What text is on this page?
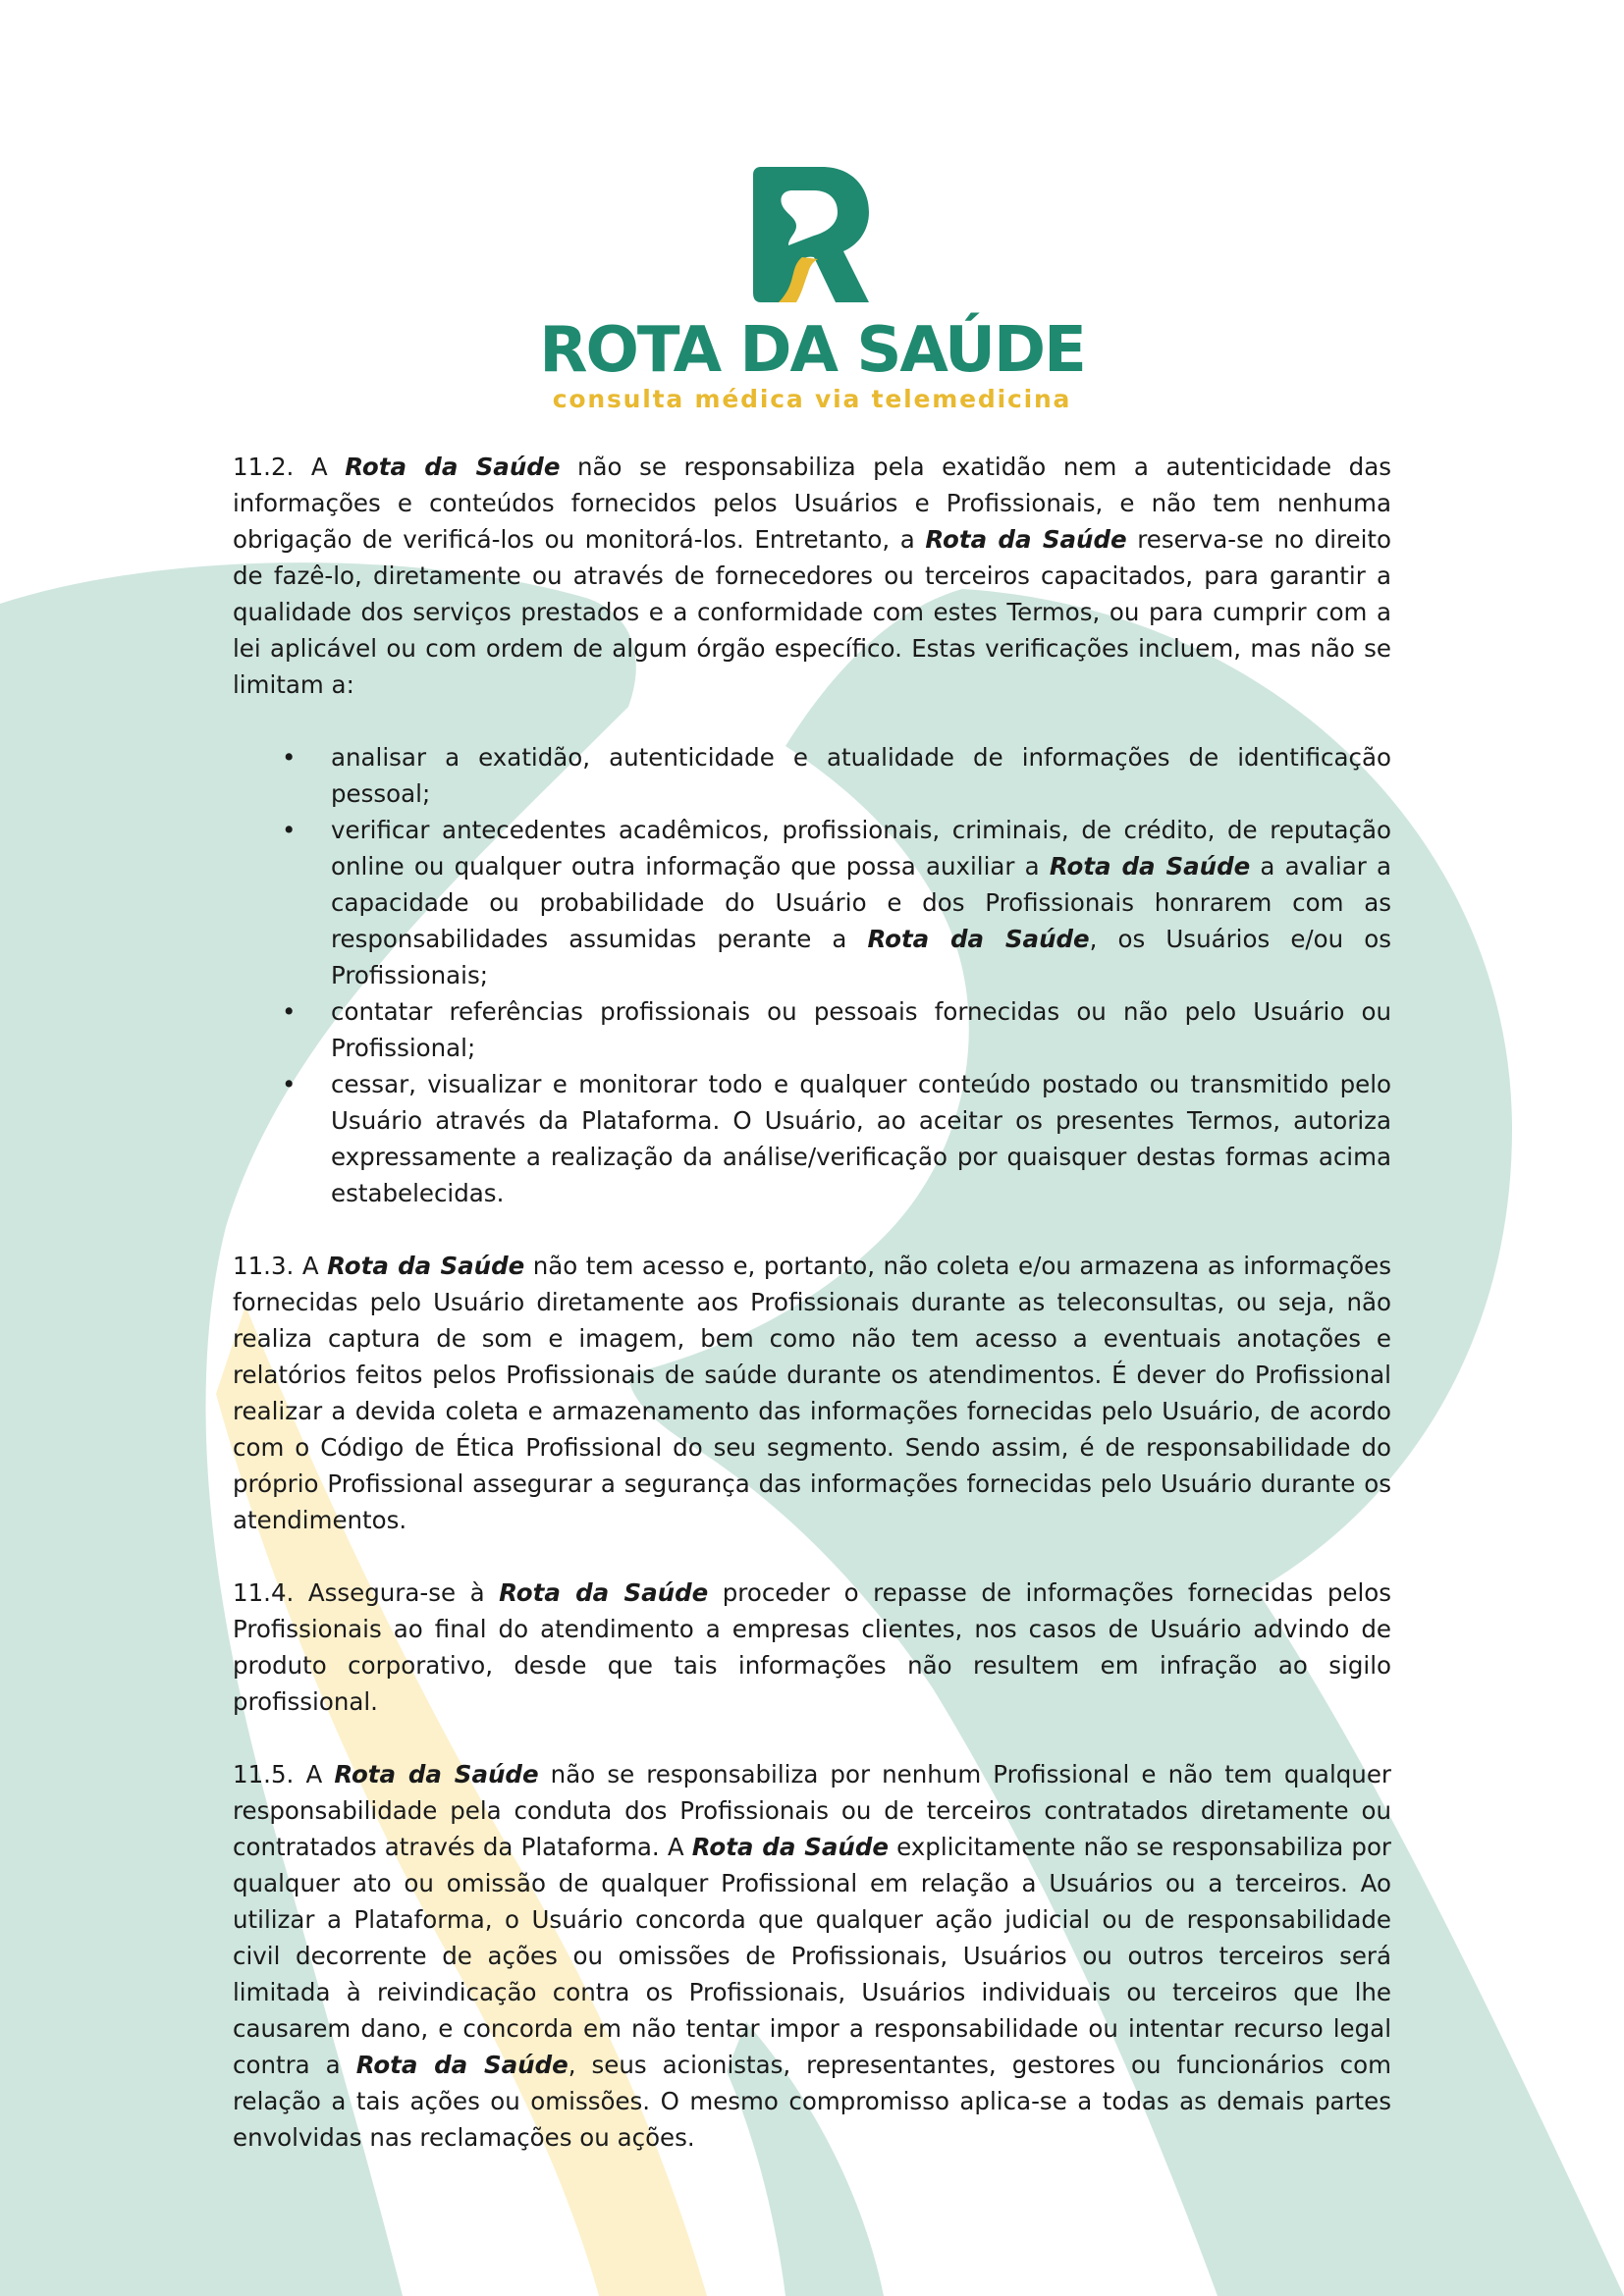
ROTA DA SAÚDE
consulta médica via telemedicina

11.2. A Rota da Saúde não se responsabiliza pela exatidão nem a autenticidade das informações e conteúdos fornecidos pelos Usuários e Profissionais, e não tem nenhuma obrigação de verificá-los ou monitorá-los. Entretanto, a Rota da Saúde reserva-se no direito de fazê-lo, diretamente ou através de fornecedores ou terceiros capacitados, para garantir a qualidade dos serviços prestados e a conformidade com estes Termos, ou para cumprir com a lei aplicável ou com ordem de algum órgão específico. Estas verificações incluem, mas não se limitam a:

• analisar a exatidão, autenticidade e atualidade de informações de identificação pessoal;
• verificar antecedentes acadêmicos, profissionais, criminais, de crédito, de reputação online ou qualquer outra informação que possa auxiliar a Rota da Saúde a avaliar a capacidade ou probabilidade do Usuário e dos Profissionais honrarem com as responsabilidades assumidas perante a Rota da Saúde, os Usuários e/ou os Profissionais;
• contatar referências profissionais ou pessoais fornecidas ou não pelo Usuário ou Profissional;
• cessar, visualizar e monitorar todo e qualquer conteúdo postado ou transmitido pelo Usuário através da Plataforma. O Usuário, ao aceitar os presentes Termos, autoriza expressamente a realização da análise/verificação por quaisquer destas formas acima estabelecidas.

11.3. A Rota da Saúde não tem acesso e, portanto, não coleta e/ou armazena as informações fornecidas pelo Usuário diretamente aos Profissionais durante as teleconsultas, ou seja, não realiza captura de som e imagem, bem como não tem acesso a eventuais anotações e relatórios feitos pelos Profissionais de saúde durante os atendimentos. É dever do Profissional realizar a devida coleta e armazenamento das informações fornecidas pelo Usuário, de acordo com o Código de Ética Profissional do seu segmento. Sendo assim, é de responsabilidade do próprio Profissional assegurar a segurança das informações fornecidas pelo Usuário durante os atendimentos.

11.4. Assegura-se à Rota da Saúde proceder o repasse de informações fornecidas pelos Profissionais ao final do atendimento a empresas clientes, nos casos de Usuário advindo de produto corporativo, desde que tais informações não resultem em infração ao sigilo profissional.

11.5. A Rota da Saúde não se responsabiliza por nenhum Profissional e não tem qualquer responsabilidade pela conduta dos Profissionais ou de terceiros contratados diretamente ou contratados através da Plataforma. A Rota da Saúde explicitamente não se responsabiliza por qualquer ato ou omissão de qualquer Profissional em relação a Usuários ou a terceiros. Ao utilizar a Plataforma, o Usuário concorda que qualquer ação judicial ou de responsabilidade civil decorrente de ações ou omissões de Profissionais, Usuários ou outros terceiros será limitada à reivindicação contra os Profissionais, Usuários individuais ou terceiros que lhe causarem dano, e concorda em não tentar impor a responsabilidade ou intentar recurso legal contra a Rota da Saúde, seus acionistas, representantes, gestores ou funcionários com relação a tais ações ou omissões. O mesmo compromisso aplica-se a todas as demais partes envolvidas nas reclamações ou ações.
